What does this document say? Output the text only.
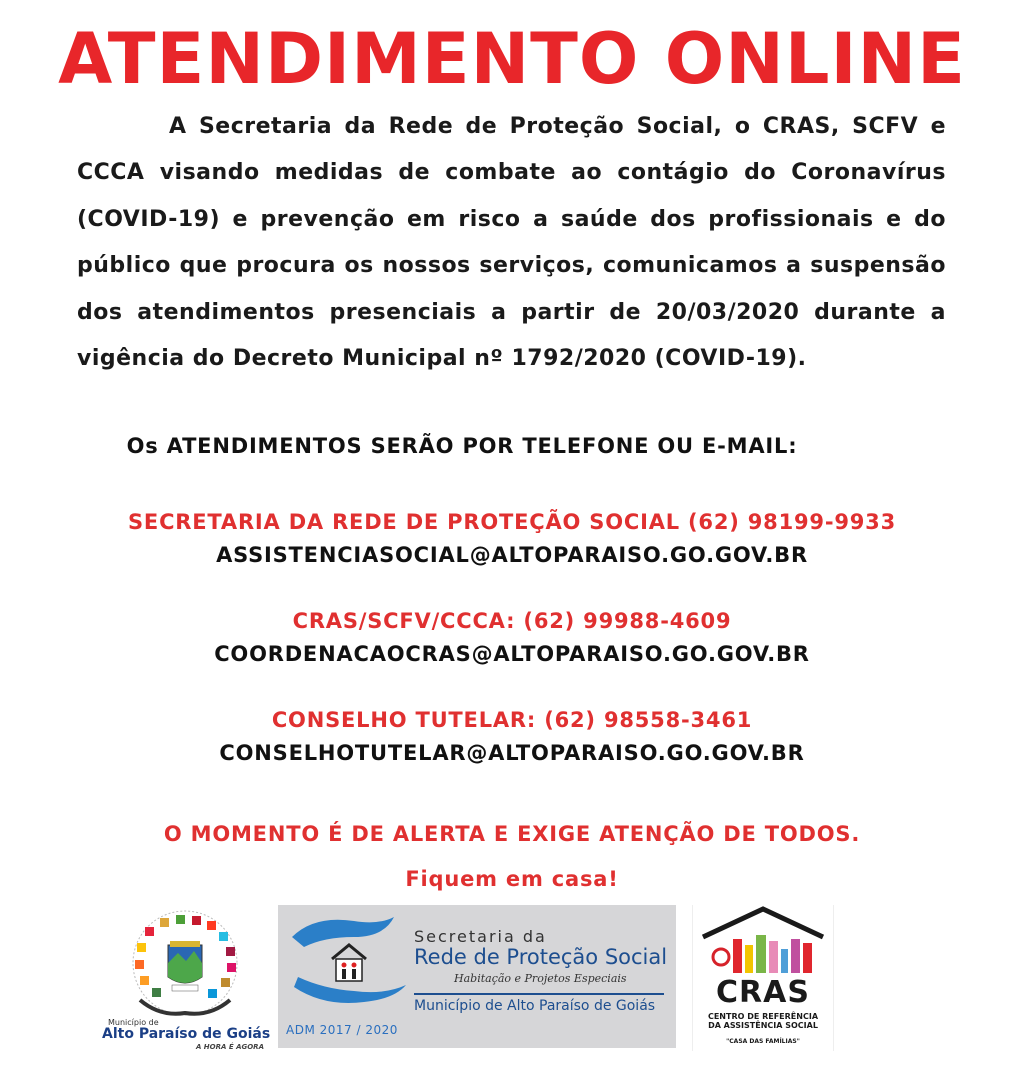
ATENDIMENTO ONLINE
A Secretaria da Rede de Proteção Social, o CRAS, SCFV e CCCA visando medidas de combate ao contágio do Coronavírus (COVID-19) e prevenção em risco a saúde dos profissionais e do público que procura os nossos serviços, comunicamos a suspensão dos atendimentos presenciais a partir de 20/03/2020 durante a vigência do Decreto Municipal nº 1792/2020 (COVID-19).
Os ATENDIMENTOS SERÃO POR TELEFONE OU E-MAIL:
SECRETARIA DA REDE DE PROTEÇÃO SOCIAL (62) 98199-9933
ASSISTENCIASOCIAL@ALTOPARAISO.GO.GOV.BR
CRAS/SCFV/CCCA: (62) 99988-4609
COORDENACAOCRAS@ALTOPARAISO.GO.GOV.BR
CONSELHO TUTELAR: (62) 98558-3461
CONSELHOTUTELAR@ALTOPARAISO.GO.GOV.BR
O MOMENTO É DE ALERTA E EXIGE ATENÇÃO DE TODOS.
Fiquem em casa!
Município de
Alto Paraíso de Goiás
A HORA É AGORA
Secretaria da
Rede de Proteção Social
Habitação e Projetos Especiais
Município de Alto Paraíso de Goiás
ADM 2017 / 2020
CRAS
CENTRO DE REFERÊNCIA
DA ASSISTÊNCIA SOCIAL
"CASA DAS FAMÍLIAS"
